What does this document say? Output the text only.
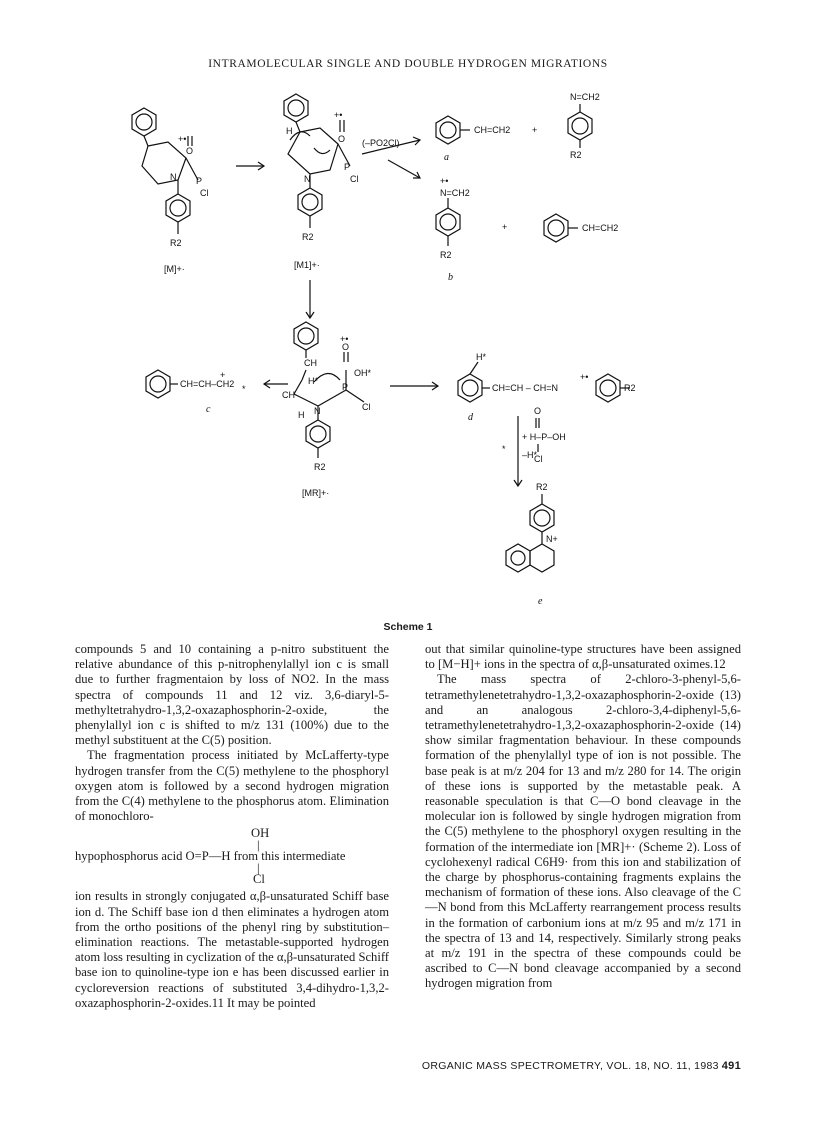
INTRAMOLECULAR SINGLE AND DOUBLE HYDROGEN MIGRATIONS
+•
O
P
Cl
N
R2
[M]+·
+•
O
P
Cl
N
H
R2
[M1]+·
(–PO2Cl)
CH=CH2 +
N=CH2
R2
a
+•
N=CH2
R2
+	CH=CH2
b
CH=CH–CH2
+
*
c
CH
+•
O
P
OH*
Cl
CH
H*
N
H
R2
[MR]+·
H*
CH=CH – CH=N
+•
R2
d
O
+ H–P–OH
Cl
*
–H*
R2
N+
e
Scheme 1

compounds 5 and 10 containing a p-nitro substituent the relative abundance of this p-nitrophenylallyl ion c is small due to further fragmentaion by loss of NO2. In the mass spectra of compounds 11 and 12 viz. 3,6-diaryl-5-methyltetrahydro-1,3,2-oxazaphosphorin-2-oxide, the phenylallyl ion c is shifted to m/z 131 (100%) due to the methyl substituent at the C(5) position.

The fragmentation process initiated by McLafferty-type hydrogen transfer from the C(5) methylene to the phosphoryl oxygen atom is followed by a second hydrogen migration from the C(4) methylene to the phosphorus atom. Elimination of monochloro-

OH
|
hypophosphorus acid O=P—H from this intermediate
|
Cl

ion results in strongly conjugated α,β-unsaturated Schiff base ion d. The Schiff base ion d then eliminates a hydrogen atom from the ortho positions of the phenyl ring by substitution–elimination reactions. The metastable-supported hydrogen atom loss resulting in cyclization of the α,β-unsaturated Schiff base ion to quinoline-type ion e has been discussed earlier in cycloreversion reactions of substituted 3,4-dihydro-1,3,2-oxazaphosphorin-2-oxides.11 It may be pointed

out that similar quinoline-type structures have been assigned to [M−H]+ ions in the spectra of α,β-unsaturated oximes.12

The mass spectra of 2-chloro-3-phenyl-5,6-tetramethylenetetrahydro-1,3,2-oxazaphosphorin-2-oxide (13) and an analogous 2-chloro-3,4-diphenyl-5,6-tetramethylenetetrahydro-1,3,2-oxazaphosphorin-2-oxide (14) show similar fragmentation behaviour. In these compounds formation of the phenylallyl type of ion is not possible. The base peak is at m/z 204 for 13 and m/z 280 for 14. The origin of these ions is supported by the metastable peak. A reasonable speculation is that C—O bond cleavage in the molecular ion is followed by single hydrogen migration from the C(5) methylene to the phosphoryl oxygen resulting in the formation of the intermediate ion [MR]+· (Scheme 2). Loss of cyclohexenyl radical C6H9· from this ion and stabilization of the charge by phosphorus-containing fragments explains the mechanism of formation of these ions. Also cleavage of the C—N bond from this McLafferty rearrangement process results in the formation of carbonium ions at m/z 95 and m/z 171 in the spectra of 13 and 14, respectively. Similarly strong peaks at m/z 191 in the spectra of these compounds could be ascribed to C—N bond cleavage accompanied by a second hydrogen migration from

ORGANIC MASS SPECTROMETRY, VOL. 18, NO. 11, 1983 491
